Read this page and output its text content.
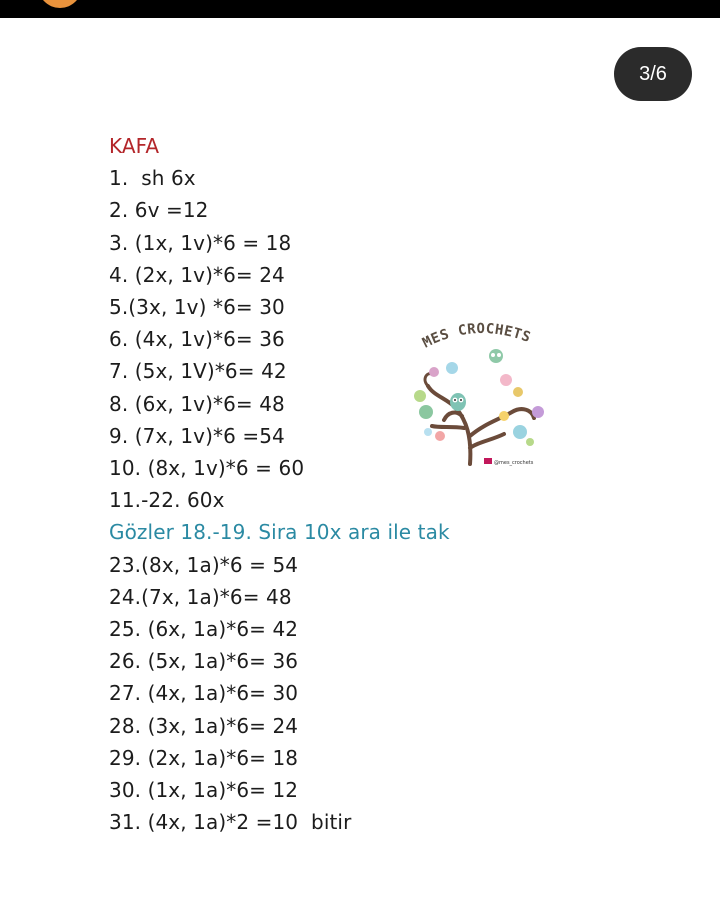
3/6
KAFA
1.  sh 6x
2. 6v =12
3. (1x, 1v)*6 = 18
4. (2x, 1v)*6= 24
5.(3x, 1v) *6= 30
6. (4x, 1v)*6= 36
7. (5x, 1V)*6= 42
8. (6x, 1v)*6= 48
9. (7x, 1v)*6 =54
10. (8x, 1v)*6 = 60
11.-22. 60x
Gözler 18.-19. Sira 10x ara ile tak
23.(8x, 1a)*6 = 54
24.(7x, 1a)*6= 48
25. (6x, 1a)*6= 42
26. (5x, 1a)*6= 36
27. (4x, 1a)*6= 30
28. (3x, 1a)*6= 24
29. (2x, 1a)*6= 18
30. (1x, 1a)*6= 12
31. (4x, 1a)*2 =10  bitir
MES CROCHETS
@mes_crochets
